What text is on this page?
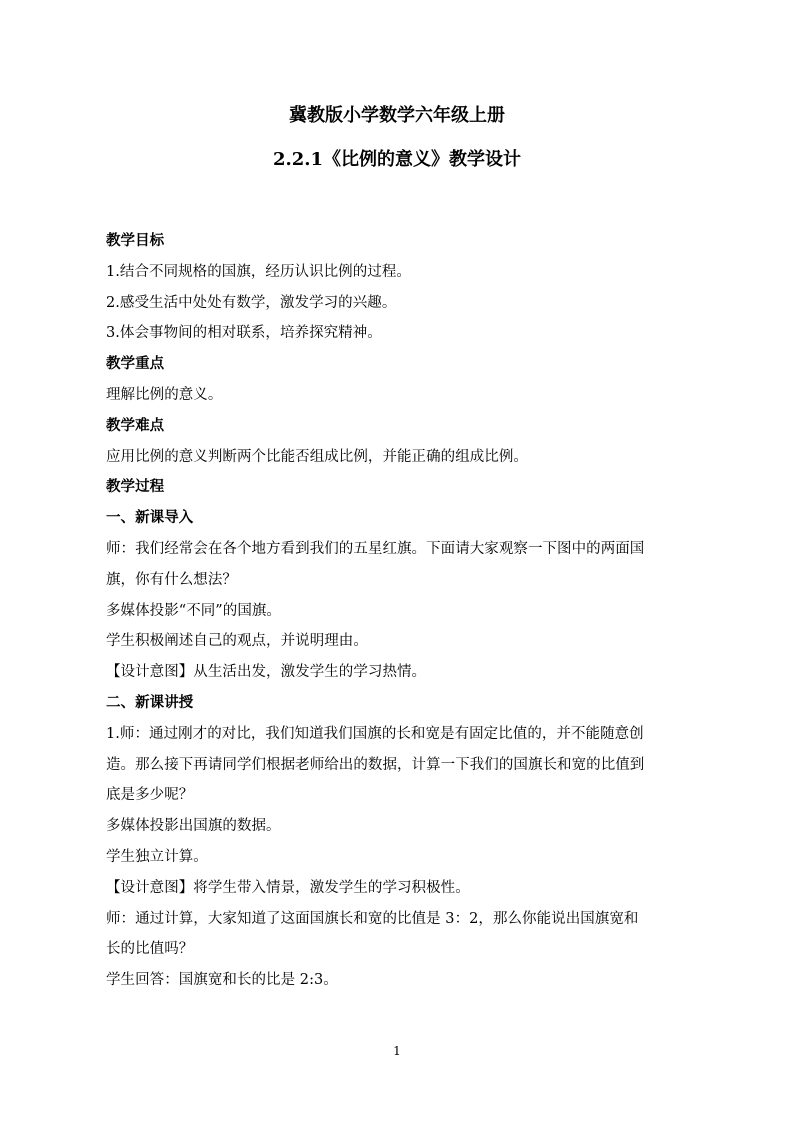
冀教版小学数学六年级上册
2.2.1《比例的意义》教学设计
教学目标
1.结合不同规格的国旗，经历认识比例的过程。
2.感受生活中处处有数学，激发学习的兴趣。
3.体会事物间的相对联系，培养探究精神。
教学重点
理解比例的意义。
教学难点
应用比例的意义判断两个比能否组成比例，并能正确的组成比例。
教学过程
一、新课导入
师：我们经常会在各个地方看到我们的五星红旗。下面请大家观察一下图中的两面国
旗，你有什么想法？
多媒体投影“不同”的国旗。
学生积极阐述自己的观点，并说明理由。
【设计意图】从生活出发，激发学生的学习热情。
二、新课讲授
1.师：通过刚才的对比，我们知道我们国旗的长和宽是有固定比值的，并不能随意创
造。那么接下再请同学们根据老师给出的数据，计算一下我们的国旗长和宽的比值到
底是多少呢？
多媒体投影出国旗的数据。
学生独立计算。
【设计意图】将学生带入情景，激发学生的学习积极性。
师：通过计算，大家知道了这面国旗长和宽的比值是 3：2，那么你能说出国旗宽和
长的比值吗？
学生回答：国旗宽和长的比是 2:3。
1
